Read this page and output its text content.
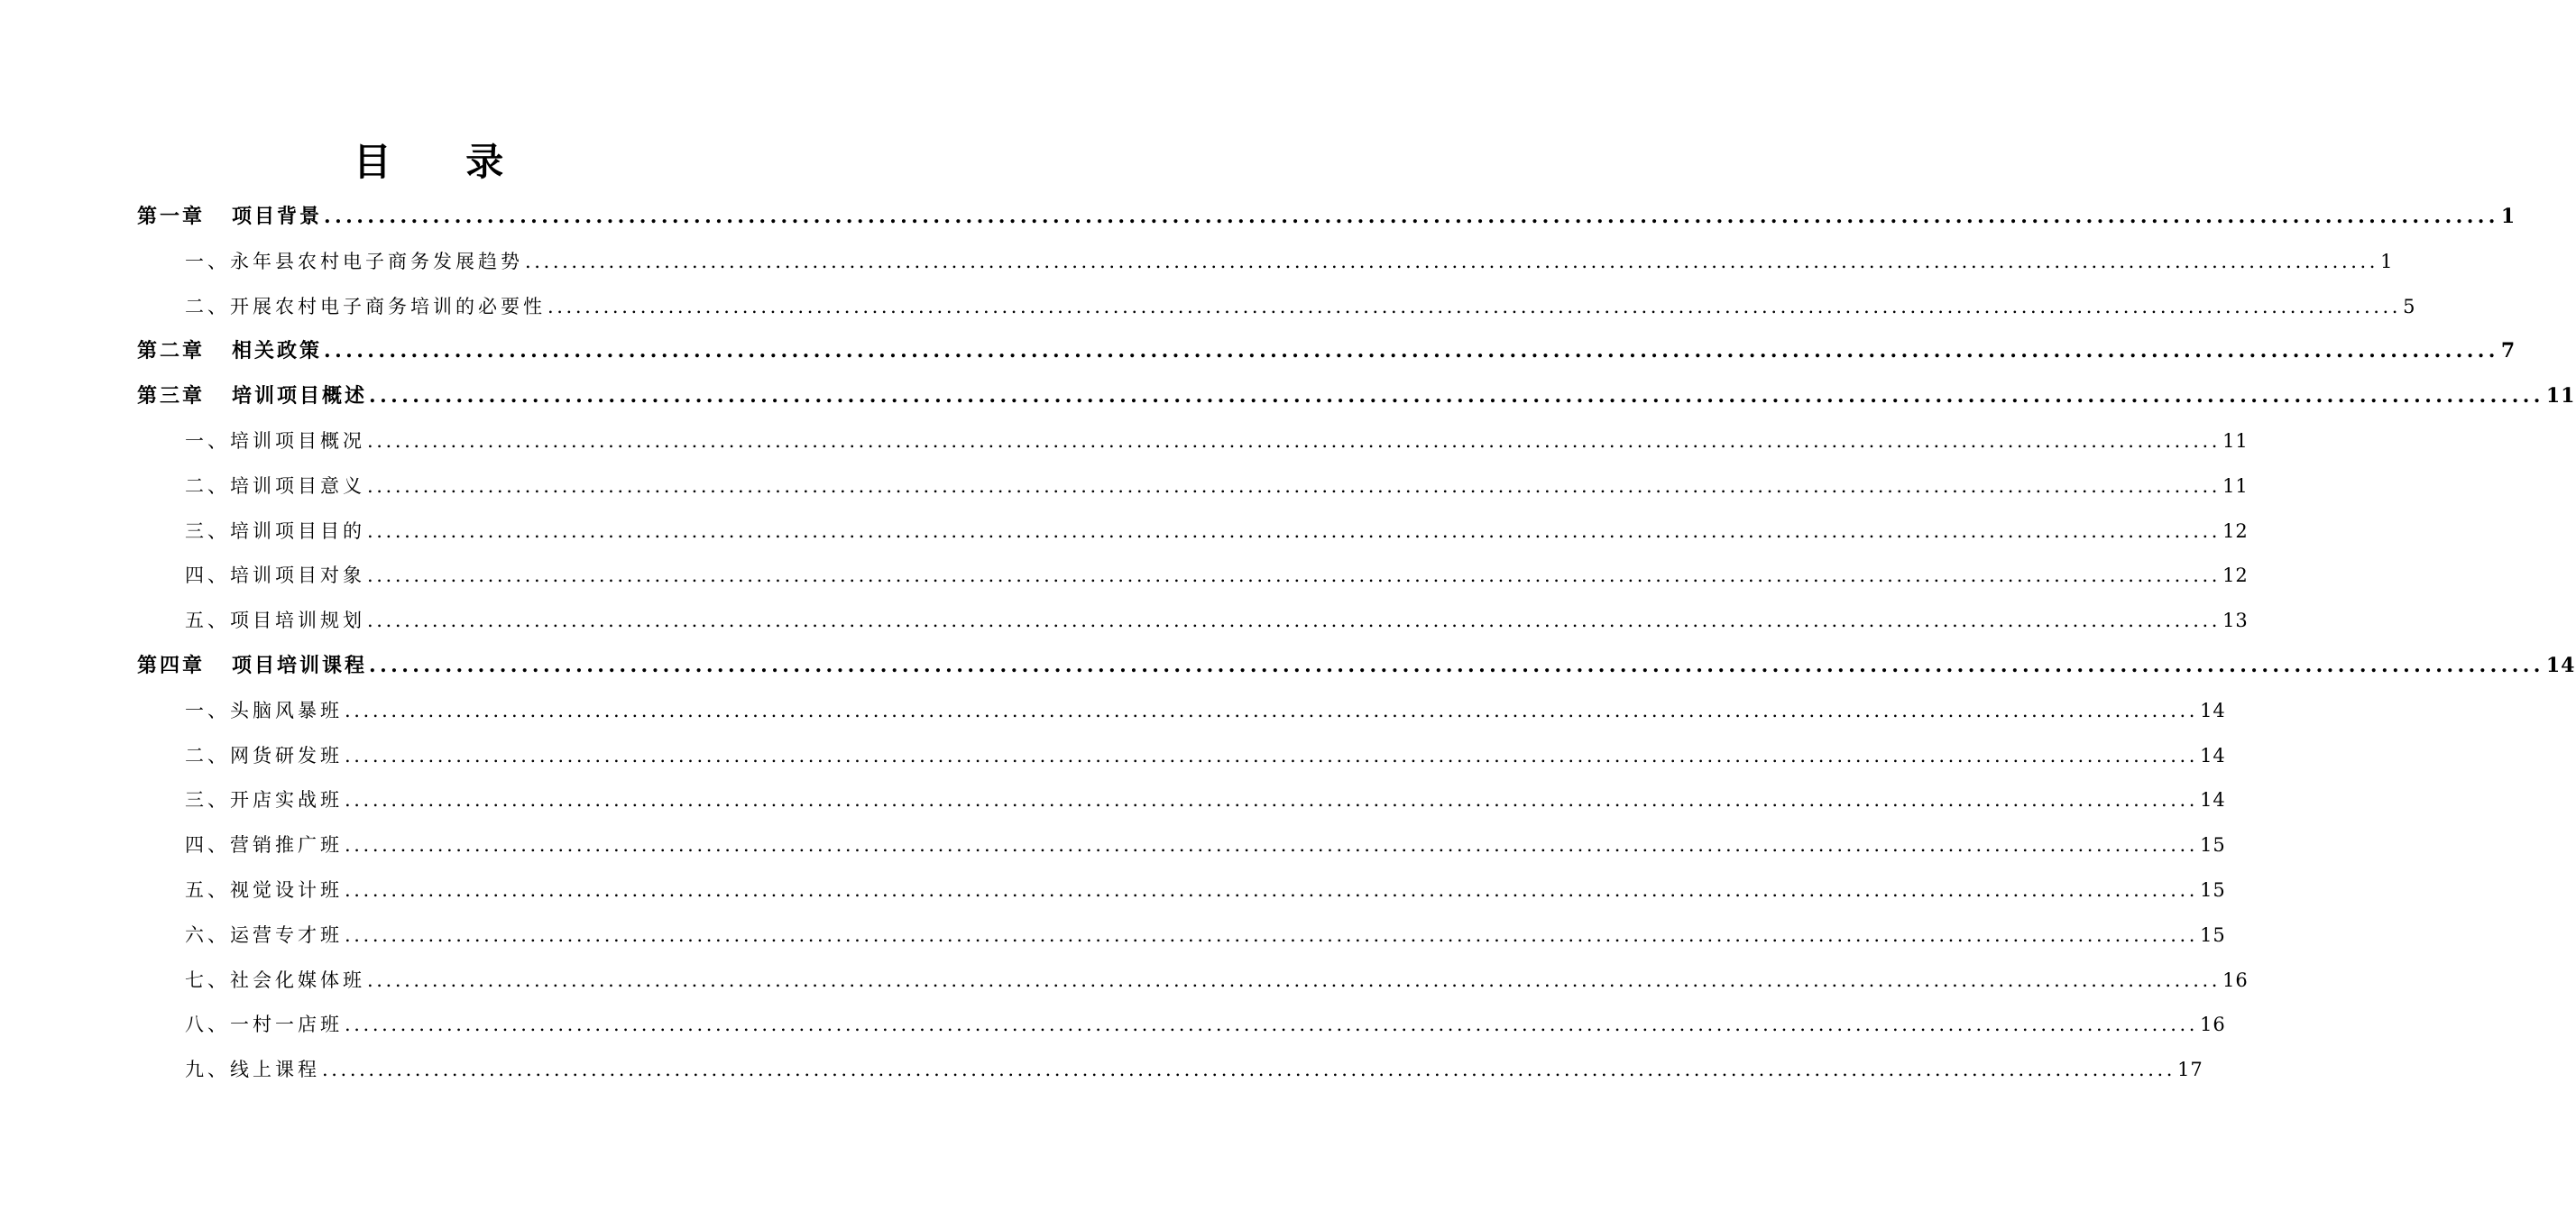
目 录
第一章 项目背景 ........................................................................................................................................................................................................ 1
一、 永年县农村电子商务发展趋势 ........................................................................................................................................................................................................ 1
二、 开展农村电子商务培训的必要性 ........................................................................................................................................................................................................ 5
第二章 相关政策 ........................................................................................................................................................................................................ 7
第三章 培训项目概述 ........................................................................................................................................................................................................ 11
一、 培训项目概况 ........................................................................................................................................................................................................ 11
二、 培训项目意义 ........................................................................................................................................................................................................ 11
三、 培训项目目的 ........................................................................................................................................................................................................ 12
四、 培训项目对象 ........................................................................................................................................................................................................ 12
五、 项目培训规划 ........................................................................................................................................................................................................ 13
第四章 项目培训课程 ........................................................................................................................................................................................................ 14
一、 头脑风暴班 ........................................................................................................................................................................................................ 14
二、 网货研发班 ........................................................................................................................................................................................................ 14
三、 开店实战班 ........................................................................................................................................................................................................ 14
四、 营销推广班 ........................................................................................................................................................................................................ 15
五、 视觉设计班 ........................................................................................................................................................................................................ 15
六、 运营专才班 ........................................................................................................................................................................................................ 15
七、 社会化媒体班 ........................................................................................................................................................................................................ 16
八、 一村一店班 ........................................................................................................................................................................................................ 16
九、 线上课程 ........................................................................................................................................................................................................ 17
